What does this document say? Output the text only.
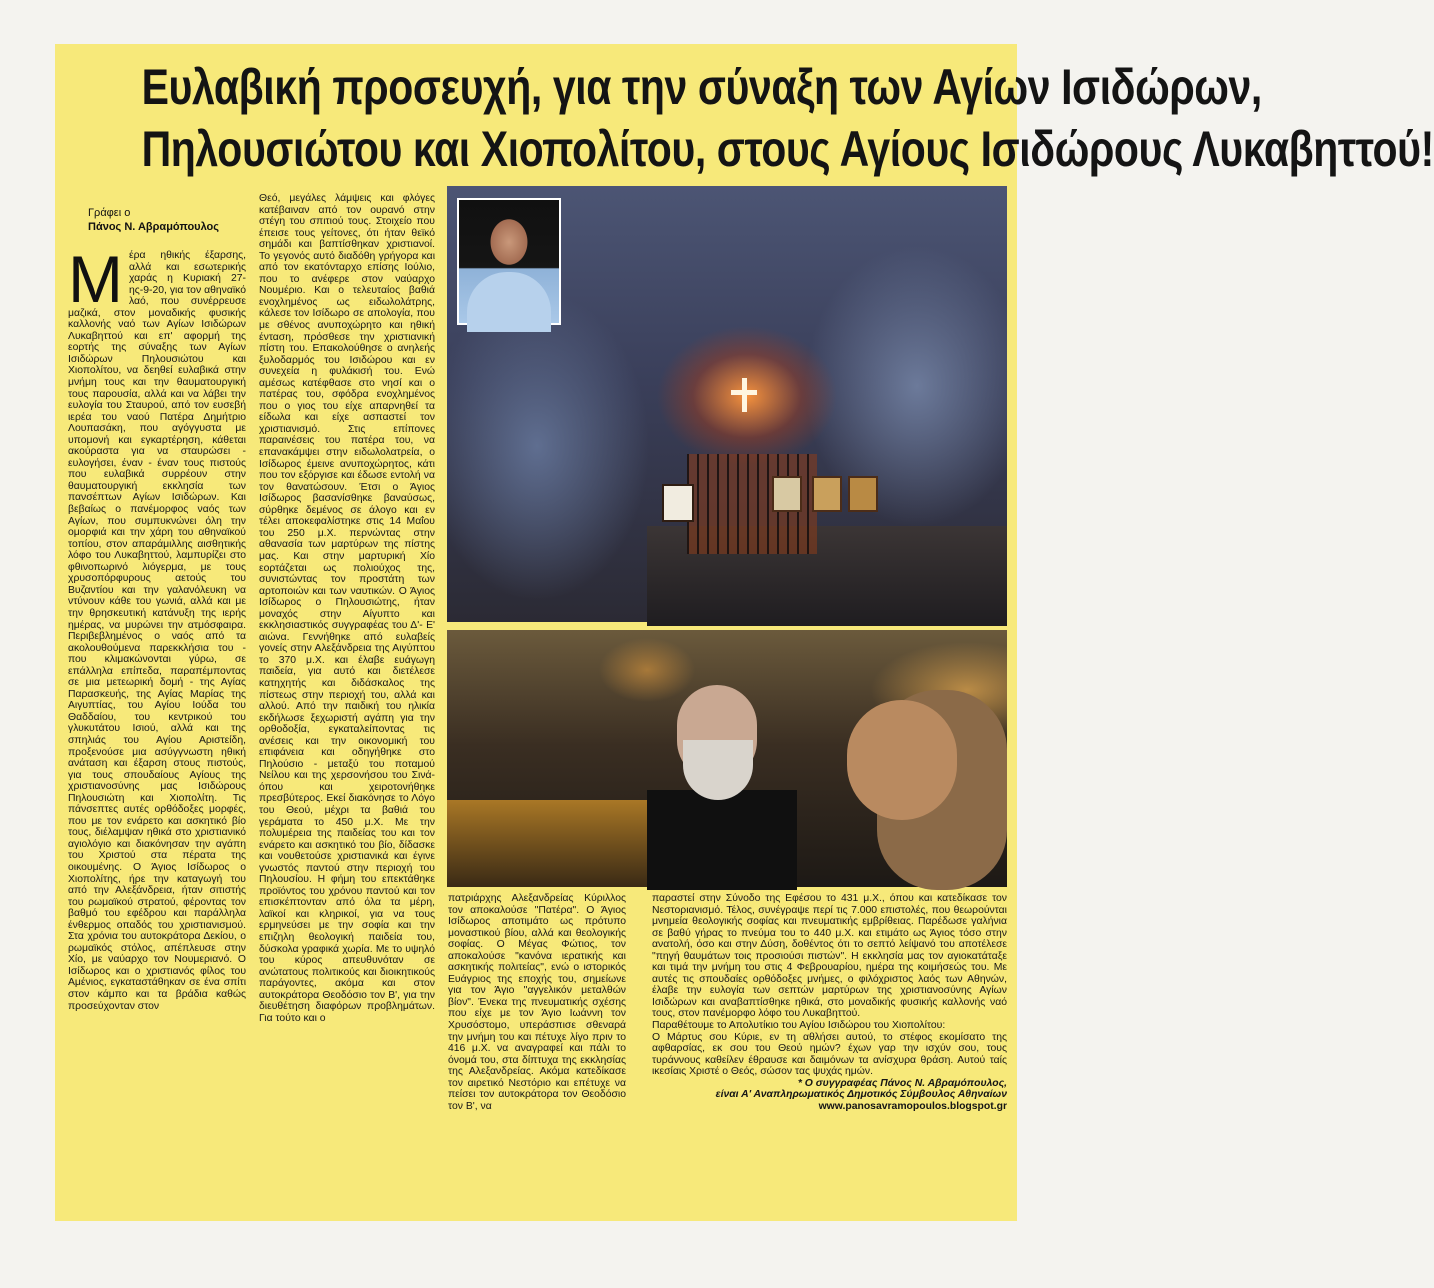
Ευλαβική προσευχή, για την σύναξη των Αγίων Ισιδώρων,
Πηλουσιώτου και Χιοπολίτου, στους Αγίους Ισιδώρους Λυκαβηττού!
Γράφει ο
Πάνος Ν. Αβραμόπουλος
Μ έρα ηθικής έξαρσης, αλλά και εσωτερικής χαράς η Κυριακή 27-ης-9-20, για τον αθηναϊκό λαό, που συνέρρευσε μαζικά, στον μοναδικής φυσικής καλλονής ναό των Αγίων Ισιδώρων Λυκαβηττού και επ' αφορμή της εορτής της σύναξης των Αγίων Ισιδώρων Πηλουσιώτου και Χιοπολίτου, να δεηθεί ευλαβικά στην μνήμη τους και την θαυματουργική τους παρουσία, αλλά και να λάβει την ευλογία του Σταυρού, από τον ευσεβή ιερέα του ναού Πατέρα Δημήτριο Λουπασάκη, που αγόγγυστα με υπομονή και εγκαρτέρηση, κάθεται ακούραστα για να σταυρώσει - ευλογήσει, έναν - έναν τους πιστούς που ευλαβικά συρρέουν στην θαυματουργική εκκλησία των πανσέπτων Αγίων Ισιδώρων. Και βεβαίως ο πανέμορφος ναός των Αγίων, που συμπυκνώνει όλη την ομορφιά και την χάρη του αθηναϊκού τοπίου, στον απαράμιλλης αισθητικής λόφο του Λυκαβηττού, λαμπυρίζει στο φθινοπωρινό λιόγερμα, με τους χρυσοπόρφυρους αετούς του Βυζαντίου και την γαλανόλευκη να ντύνουν κάθε του γωνιά, αλλά και με την θρησκευτική κατάνυξη της ιερής ημέρας, να μυρώνει την ατμόσφαιρα. Περιβεβλημένος ο ναός από τα ακολουθούμενα παρεκκλήσια του - που κλιμακώνονται γύρω, σε επάλληλα επίπεδα, παραπέμποντας σε μια μετεωρική δομή - της Αγίας Παρασκευής, της Αγίας Μαρίας της Αιγυπτίας, του Αγίου Ιούδα του Θαδδαίου, του κεντρικού του γλυκυτάτου Ισιού, αλλά και της σπηλιάς του Αγίου Αριστείδη, προξενούσε μια ασύγγνωστη ηθική ανάταση και έξαρση στους πιστούς, για τους σπουδαίους Αγίους της χριστιανοσύνης μας Ισιδώρους Πηλουσιώτη και Χιοπολίτη. Τις πάνσεπτες αυτές ορθόδοξες μορφές, που με τον ενάρετο και ασκητικό βίο τους, διέλαμψαν ηθικά στο χριστιανικό αγιολόγιο και διακόνησαν την αγάπη του Χριστού στα πέρατα της οικουμένης. Ο Άγιος Ισίδωρος ο Χιοπολίτης, ήρε την καταγωγή του από την Αλεξάνδρεια, ήταν σιτιστής του ρωμαϊκού στρατού, φέροντας τον βαθμό του εφέδρου και παράλληλα ένθερμος οπαδός του χριστιανισμού. Στα χρόνια του αυτοκράτορα Δεκίου, ο ρωμαϊκός στόλος, απέπλευσε στην Χίο, με ναύαρχο τον Νουμεριανό. Ο Ισίδωρος και ο χριστιανός φίλος του Αμένιος, εγκαταστάθηκαν σε ένα σπίτι στον κάμπο και τα βράδια καθώς προσεύχονταν στον
Θεό, μεγάλες λάμψεις και φλόγες κατέβαιναν από τον ουρανό στην στέγη του σπιτιού τους. Στοιχείο που έπεισε τους γείτονες, ότι ήταν θεϊκό σημάδι και βαπτίσθηκαν χριστιανοί. Το γεγονός αυτό διαδόθη γρήγορα και από τον εκατόνταρχο επίσης Ιούλιο, που το ανέφερε στον ναύαρχο Νουμέριο. Και ο τελευταίος βαθιά ενοχλημένος ως ειδωλολάτρης, κάλεσε τον Ισίδωρο σε απολογία, που με σθένος ανυποχώρητο και ηθική ένταση, πρόσθεσε την χριστιανική πίστη του. Επακολούθησε ο ανηλεής ξυλοδαρμός του Ισιδώρου και εν συνεχεία η φυλάκισή του. Ενώ αμέσως κατέφθασε στο νησί και ο πατέρας του, σφόδρα ενοχλημένος που ο γιος του είχε απαρνηθεί τα είδωλα και είχε ασπαστεί τον χριστιανισμό. Στις επίπονες παραινέσεις του πατέρα του, να επανακάμψει στην ειδωλολατρεία, ο Ισίδωρος έμεινε ανυποχώρητος, κάτι που τον εξόργισε και έδωσε εντολή να τον θανατώσουν. Έτσι ο Άγιος Ισίδωρος βασανίσθηκε βαναύσως, σύρθηκε δεμένος σε άλογο και εν τέλει αποκεφαλίστηκε στις 14 Μαΐου του 250 μ.Χ. περνώντας στην αθανασία των μαρτύρων της πίστης μας. Και στην μαρτυρική Χίο εορτάζεται ως πολιούχος της, συνιστώντας τον προστάτη των αρτοποιών και των ναυτικών. Ο Άγιος Ισίδωρος ο Πηλουσιώτης, ήταν μοναχός στην Αίγυπτο και εκκλησιαστικός συγγραφέας του Δ'- Ε' αιώνα. Γεννήθηκε από ευλαβείς γονείς στην Αλεξάνδρεια της Αιγύπτου το 370 μ.Χ. και έλαβε ευάγωγη παιδεία, για αυτό και διετέλεσε κατηχητής και διδάσκαλος της πίστεως στην περιοχή του, αλλά και αλλού. Από την παιδική του ηλικία εκδήλωσε ξεχωριστή αγάπη για την ορθοδοξία, εγκαταλείποντας τις ανέσεις και την οικονομική του επιφάνεια και οδηγήθηκε στο Πηλούσιο - μεταξύ του ποταμού Νείλου και της χερσονήσου του Σινά- όπου και χειροτονήθηκε πρεσβύτερος. Εκεί διακόνησε το Λόγο του Θεού, μέχρι τα βαθιά του γεράματα το 450 μ.Χ. Με την πολυμέρεια της παιδείας του και τον ενάρετο και ασκητικό του βίο, δίδασκε και νουθετούσε χριστιανικά και έγινε γνωστός παντού στην περιοχή του Πηλουσίου. Η φήμη του επεκτάθηκε προϊόντος του χρόνου παντού και τον επισκέπτονταν από όλα τα μέρη, λαϊκοί και κληρικοί, για να τους ερμηνεύσει με την σοφία και την επιζηλη θεολογική παιδεία του, δύσκολα γραφικά χωρία. Με το υψηλό του κύρος απευθυνόταν σε ανώτατους πολιτικούς και διοικητικούς παράγοντες, ακόμα και στον αυτοκράτορα Θεοδόσιο τον Β', για την διευθέτηση διαφόρων προβλημάτων. Για τούτο και ο
πατριάρχης Αλεξανδρείας Κύριλλος τον αποκαλούσε "Πατέρα". Ο Άγιος Ισίδωρος αποτιμάτο ως πρότυπο μοναστικού βίου, αλλά και θεολογικής σοφίας. Ο Μέγας Φώτιος, τον αποκαλούσε "κανόνα ιερατικής και ασκητικής πολιτείας", ενώ ο ιστορικός Ευάγριος της εποχής του, σημείωνε για τον Άγιο "αγγελικόν μεταλθών βίον". Ένεκα της πνευματικής σχέσης που είχε με τον Άγιο Ιωάννη τον Χρυσόστομο, υπεράσπισε σθεναρά την μνήμη του και πέτυχε λίγο πριν το 416 μ.Χ. να αναγραφεί και πάλι το όνομά του, στα δίπτυχα της εκκλησίας της Αλεξανδρείας. Ακόμα κατεδίκασε τον αιρετικό Νεστόριο και επέτυχε να πείσει τον αυτοκράτορα τον Θεοδόσιο τον Β', να
παραστεί στην Σύνοδο της Εφέσου το 431 μ.Χ., όπου και κατεδίκασε τον Νεστοριανισμό. Τέλος, συνέγραψε περί τις 7.000 επιστολές, που θεωρούνται μνημεία θεολογικής σοφίας και πνευματικής εμβρίθειας. Παρέδωσε γαλήνια σε βαθύ γήρας το πνεύμα του το 440 μ.Χ. και ετιμάτο ως Άγιος τόσο στην ανατολή, όσο και στην Δύση, δοθέντος ότι το σεπτό λείψανό του αποτέλεσε "πηγή θαυμάτων τοις προσιούσι πιστών". Η εκκλησία μας τον αγιοκατάταξε και τιμά την μνήμη του στις 4 Φεβρουαρίου, ημέρα της κοιμήσεώς του. Με αυτές τις σπουδαίες ορθόδοξες μνήμες, ο φιλόχριστος λαός των Αθηνών, έλαβε την ευλογία των σεπτών μαρτύρων της χριστιανοσύνης Αγίων Ισιδώρων και αναβαπτίσθηκε ηθικά, στο μοναδικής φυσικής καλλονής ναό τους, στον πανέμορφο λόφο του Λυκαβηττού.
Παραθέτουμε το Απολυτίκιο του Αγίου Ισιδώρου του Χιοπολίτου:
Ο Μάρτυς σου Κύριε, εν τη αθλήσει αυτού, το στέφος εκομίσατο της αφθαρσίας, εκ σου του Θεού ημών? έχων γαρ την ισχύν σου, τους τυράννους καθείλεν έθραυσε και δαιμόνων τα ανίσχυρα θράση. Αυτού ταίς ικεσίαις Χριστέ ο Θεός, σώσον τας ψυχάς ημών.
* Ο συγγραφέας Πάνος Ν. Αβραμόπουλος,
είναι Α' Αναπληρωματικός Δημοτικός Σύμβουλος Αθηναίων
www.panosavramopoulos.blogspot.gr
